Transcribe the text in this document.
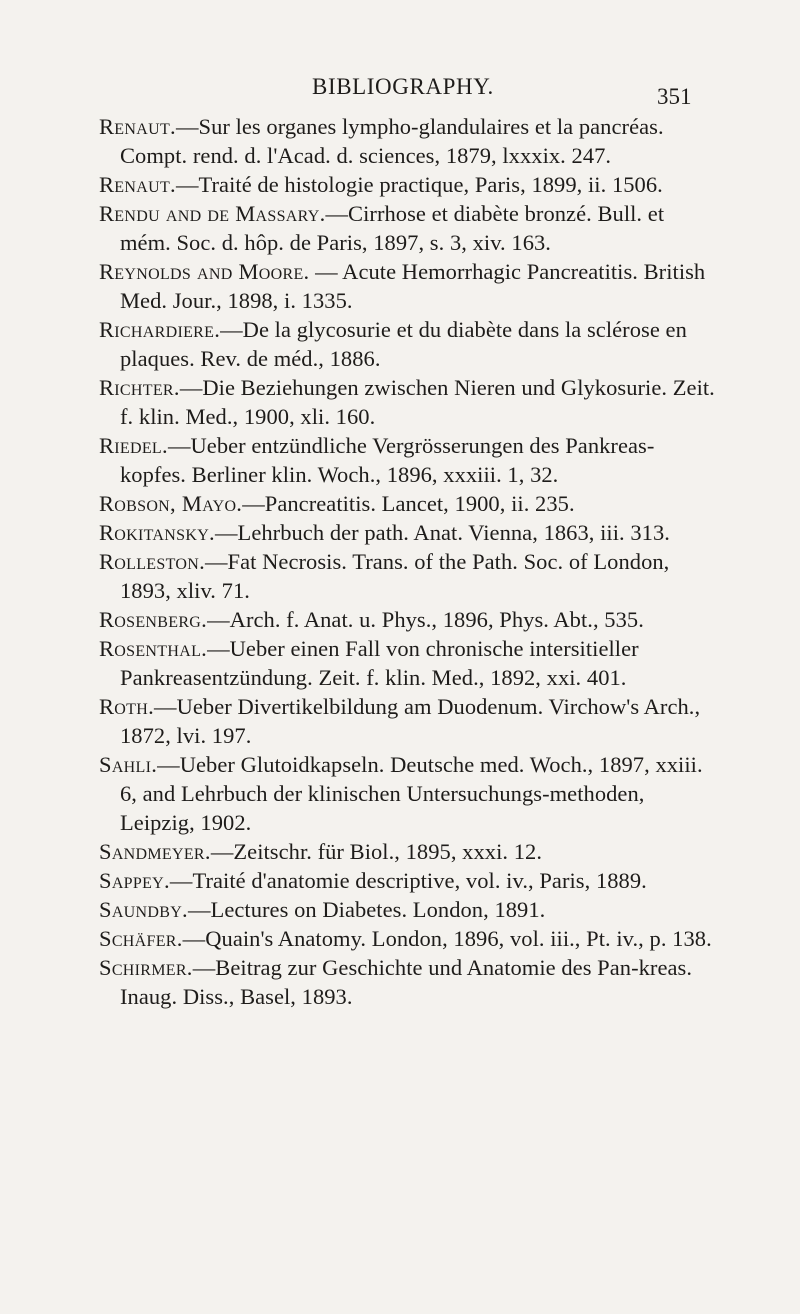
BIBLIOGRAPHY.	351

Renaut.—Sur les organes lympho-glandulaires et la pancréas. Compt. rend. d. l'Acad. d. sciences, 1879, lxxxix. 247.

Renaut.—Traité de histologie practique, Paris, 1899, ii. 1506.

Rendu and de Massary.—Cirrhose et diabète bronzé. Bull. et mém. Soc. d. hôp. de Paris, 1897, s. 3, xiv. 163.

Reynolds and Moore. — Acute Hemorrhagic Pancreatitis. British Med. Jour., 1898, i. 1335.

Richardiere.—De la glycosurie et du diabète dans la sclérose en plaques. Rev. de méd., 1886.

Richter.—Die Beziehungen zwischen Nieren und Glykosurie. Zeit. f. klin. Med., 1900, xli. 160.

Riedel.—Ueber entzündliche Vergrösserungen des Pankreas-kopfes. Berliner klin. Woch., 1896, xxxiii. 1, 32.

Robson, Mayo.—Pancreatitis. Lancet, 1900, ii. 235.

Rokitansky.—Lehrbuch der path. Anat. Vienna, 1863, iii. 313.

Rolleston.—Fat Necrosis. Trans. of the Path. Soc. of London, 1893, xliv. 71.

Rosenberg.—Arch. f. Anat. u. Phys., 1896, Phys. Abt., 535.

Rosenthal.—Ueber einen Fall von chronische intersitieller Pankreasentzündung. Zeit. f. klin. Med., 1892, xxi. 401.

Roth.—Ueber Divertikelbildung am Duodenum. Virchow's Arch., 1872, lvi. 197.

Sahli.—Ueber Glutoidkapseln. Deutsche med. Woch., 1897, xxiii. 6, and Lehrbuch der klinischen Untersuchungs-methoden, Leipzig, 1902.

Sandmeyer.—Zeitschr. für Biol., 1895, xxxi. 12.

Sappey.—Traité d'anatomie descriptive, vol. iv., Paris, 1889.

Saundby.—Lectures on Diabetes. London, 1891.

Schäfer.—Quain's Anatomy. London, 1896, vol. iii., Pt. iv., p. 138.

Schirmer.—Beitrag zur Geschichte und Anatomie des Pan-kreas. Inaug. Diss., Basel, 1893.
